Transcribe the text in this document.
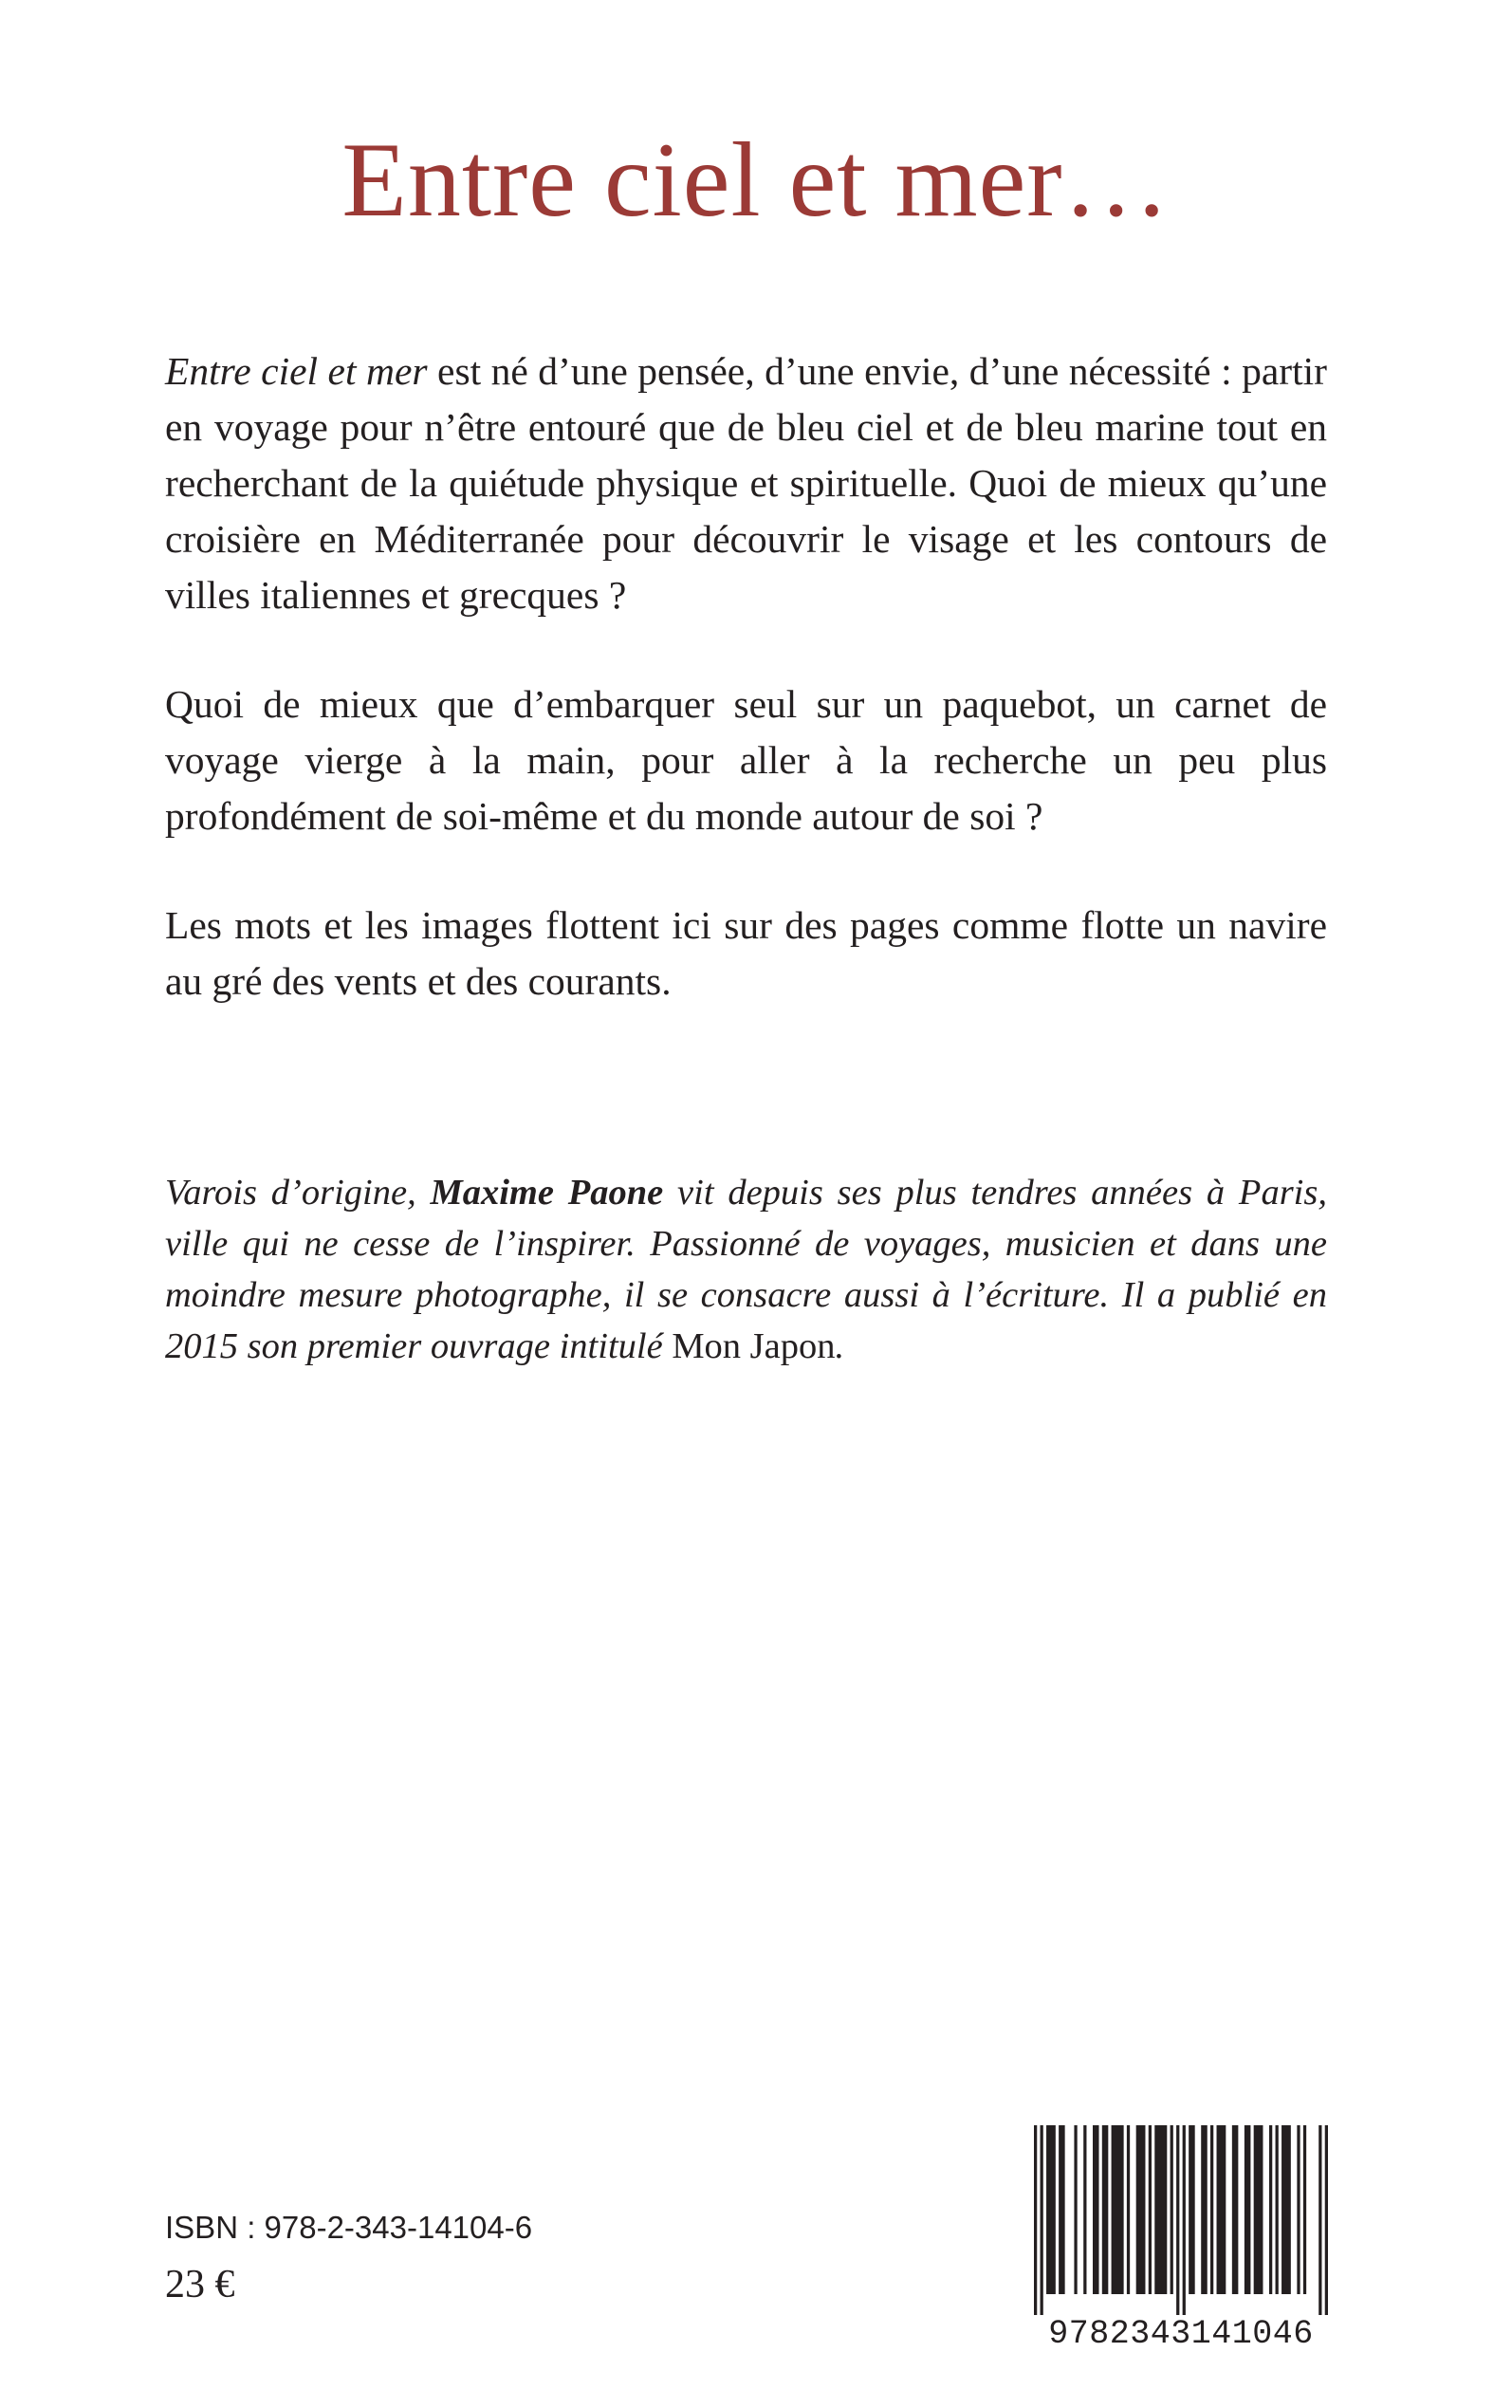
Entre ciel et mer…

Entre ciel et mer est né d’une pensée, d’une envie, d’une nécessité : partir en voyage pour n’être entouré que de bleu ciel et de bleu marine tout en recherchant de la quiétude physique et spirituelle. Quoi de mieux qu’une croisière en Méditerranée pour découvrir le visage et les contours de villes italiennes et grecques ?

Quoi de mieux que d’embarquer seul sur un paquebot, un carnet de voyage vierge à la main, pour aller à la recherche un peu plus profondément de soi-même et du monde autour de soi ?

Les mots et les images flottent ici sur des pages comme flotte un navire au gré des vents et des courants.

Varois d’origine, Maxime Paone vit depuis ses plus tendres années à Paris, ville qui ne cesse de l’inspirer. Passionné de voyages, musicien et dans une moindre mesure photographe, il se consacre aussi à l’écriture. Il a publié en 2015 son premier ouvrage intitulé Mon Japon.

ISBN : 978-2-343-14104-6
23 €
9782343141046
